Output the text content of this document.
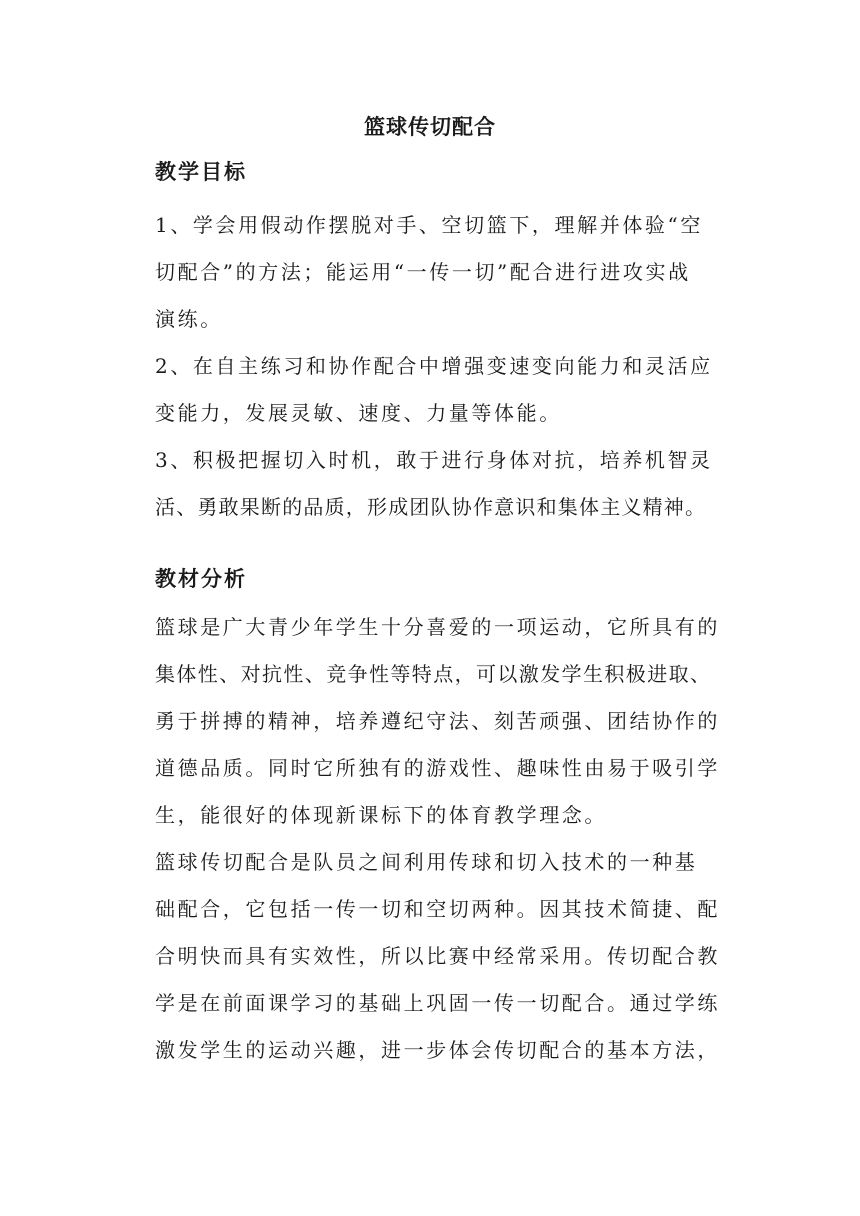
篮球传切配合
教学目标
1、学会用假动作摆脱对手、空切篮下，理解并体验“空
切配合”的方法；能运用“一传一切”配合进行进攻实战
演练。
2、在自主练习和协作配合中增强变速变向能力和灵活应
变能力，发展灵敏、速度、力量等体能。
3、积极把握切入时机，敢于进行身体对抗，培养机智灵
活、勇敢果断的品质，形成团队协作意识和集体主义精神。
教材分析
篮球是广大青少年学生十分喜爱的一项运动，它所具有的
集体性、对抗性、竞争性等特点，可以激发学生积极进取、
勇于拼搏的精神，培养遵纪守法、刻苦顽强、团结协作的
道德品质。同时它所独有的游戏性、趣味性由易于吸引学
生，能很好的体现新课标下的体育教学理念。
篮球传切配合是队员之间利用传球和切入技术的一种基
础配合，它包括一传一切和空切两种。因其技术简捷、配
合明快而具有实效性，所以比赛中经常采用。传切配合教
学是在前面课学习的基础上巩固一传一切配合。通过学练
激发学生的运动兴趣，进一步体会传切配合的基本方法，
